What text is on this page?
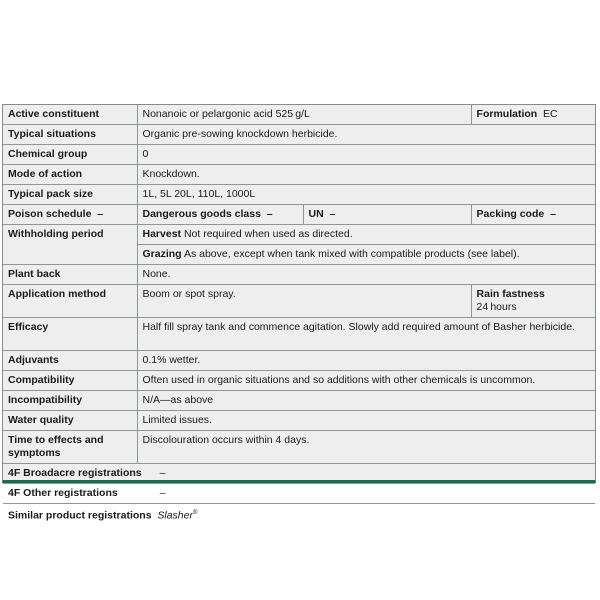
Active constituent	Nonanoic or pelargonic acid 525 g/L		Formulation EC
Typical situations	Organic pre-sowing knockdown herbicide.		
Chemical group	0		
Mode of action	Knockdown.		
Typical pack size	1L, 5L 20L, 110L, 1000L		
Poison schedule –	Dangerous goods class –	UN –	Packing code –
Withholding period	Harvest Not required when used as directed.		
	Grazing As above, except when tank mixed with compatible products (see label).		
Plant back	None.		
Application method	Boom or spot spray.		Rain fastness  24 hours
Efficacy	Half fill spray tank and commence agitation. Slowly add required amount of Basher herbicide.		
Adjuvants	0.1% wetter.		
Compatibility	Often used in organic situations and so additions with other chemicals is uncommon.		
Incompatibility	N/A—as above		
Water quality	Limited issues.		
Time to effects and symptoms	Discolouration occurs within 4 days.		
4F Broadacre registrations –			
4F Other registrations –			
Similar product registrations Slasher®
